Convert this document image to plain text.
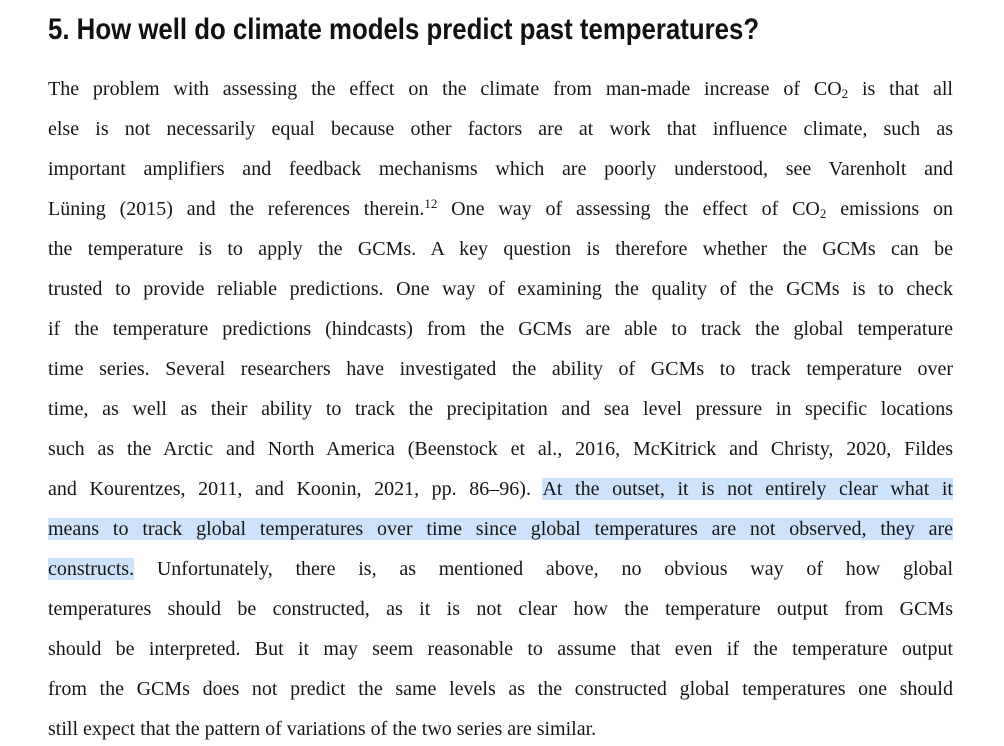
5. How well do climate models predict past temperatures?
The problem with assessing the effect on the climate from man-made increase of $CO_2$ is that all
else is not necessarily equal because other factors are at work that influence climate, such as
important amplifiers and feedback mechanisms which are poorly understood, see Varenholt and
Lüning (2015) and the references therein.$^{12}$ One way of assessing the effect of $CO_2$ emissions on
the temperature is to apply the GCMs. A key question is therefore whether the GCMs can be
trusted to provide reliable predictions. One way of examining the quality of the GCMs is to check
if the temperature predictions (hindcasts) from the GCMs are able to track the global temperature
time series. Several researchers have investigated the ability of GCMs to track temperature over
time, as well as their ability to track the precipitation and sea level pressure in specific locations
such as the Arctic and North America (Beenstock et al., 2016, McKitrick and Christy, 2020, Fildes
and Kourentzes, 2011, and Koonin, 2021, pp. 86–96). At the outset, it is not entirely clear what it
means to track global temperatures over time since global temperatures are not observed, they are
constructs. Unfortunately, there is, as mentioned above, no obvious way of how global
temperatures should be constructed, as it is not clear how the temperature output from GCMs
should be interpreted. But it may seem reasonable to assume that even if the temperature output
from the GCMs does not predict the same levels as the constructed global temperatures one should
still expect that the pattern of variations of the two series are similar.
